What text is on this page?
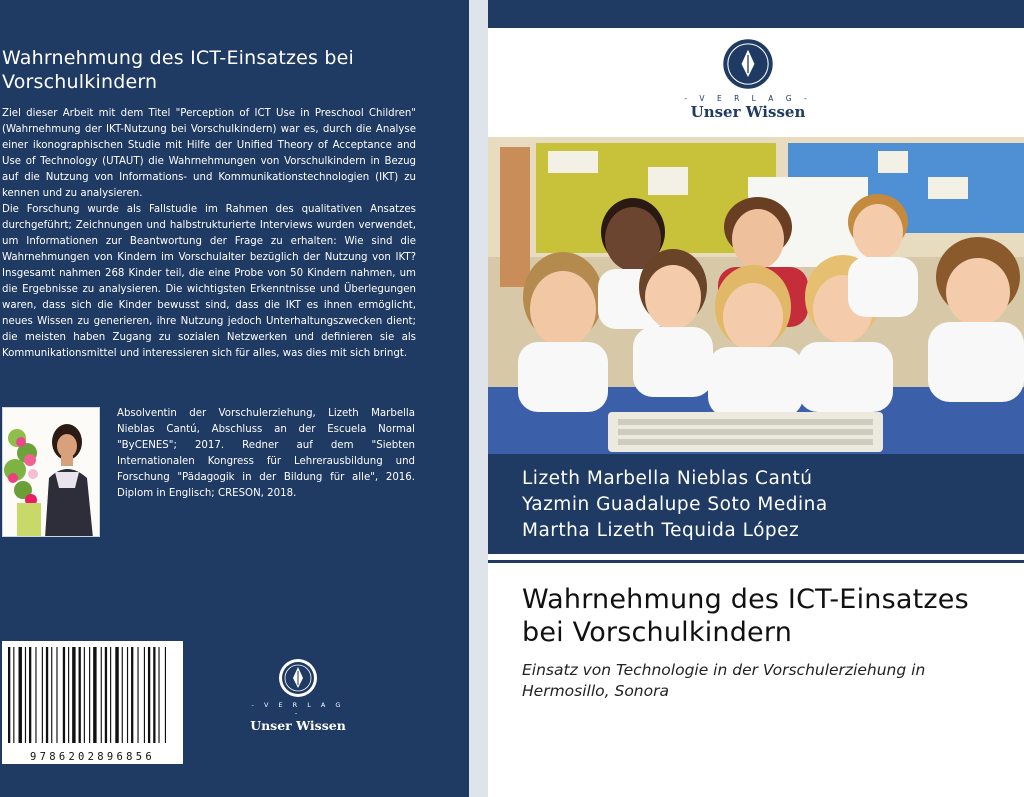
Wahrnehmung des ICT-Einsatzes bei Vorschulkindern

Ziel dieser Arbeit mit dem Titel "Perception of ICT Use in Preschool Children" (Wahrnehmung der IKT-Nutzung bei Vorschulkindern) war es, durch die Analyse einer ikonographischen Studie mit Hilfe der Unified Theory of Acceptance and Use of Technology (UTAUT) die Wahrnehmungen von Vorschulkindern in Bezug auf die Nutzung von Informations- und Kommunikationstechnologien (IKT) zu kennen und zu analysieren.

Die Forschung wurde als Fallstudie im Rahmen des qualitativen Ansatzes durchgeführt; Zeichnungen und halbstrukturierte Interviews wurden verwendet, um Informationen zur Beantwortung der Frage zu erhalten: Wie sind die Wahrnehmungen von Kindern im Vorschulalter bezüglich der Nutzung von IKT? Insgesamt nahmen 268 Kinder teil, die eine Probe von 50 Kindern nahmen, um die Ergebnisse zu analysieren. Die wichtigsten Erkenntnisse und Überlegungen waren, dass sich die Kinder bewusst sind, dass die IKT es ihnen ermöglicht, neues Wissen zu generieren, ihre Nutzung jedoch Unterhaltungszwecken dient; die meisten haben Zugang zu sozialen Netzwerken und definieren sie als Kommunikationsmittel und interessieren sich für alles, was dies mit sich bringt.

Absolventin der Vorschulerziehung, Lizeth Marbella Nieblas Cantú, Abschluss an der Escuela Normal "ByCENES"; 2017. Redner auf dem "Siebten Internationalen Kongress für Lehrerausbildung und Forschung "Pädagogik in der Bildung für alle", 2016. Diplom in Englisch; CRESON, 2018.
9786202896856
- V E R L A G -
Unser Wissen
- V E R L A G -
Unser Wissen
Lizeth Marbella Nieblas Cantú
Yazmin Guadalupe Soto Medina
Martha Lizeth Tequida López
Wahrnehmung des ICT-Einsatzes bei Vorschulkindern
Einsatz von Technologie in der Vorschulerziehung in Hermosillo, Sonora
